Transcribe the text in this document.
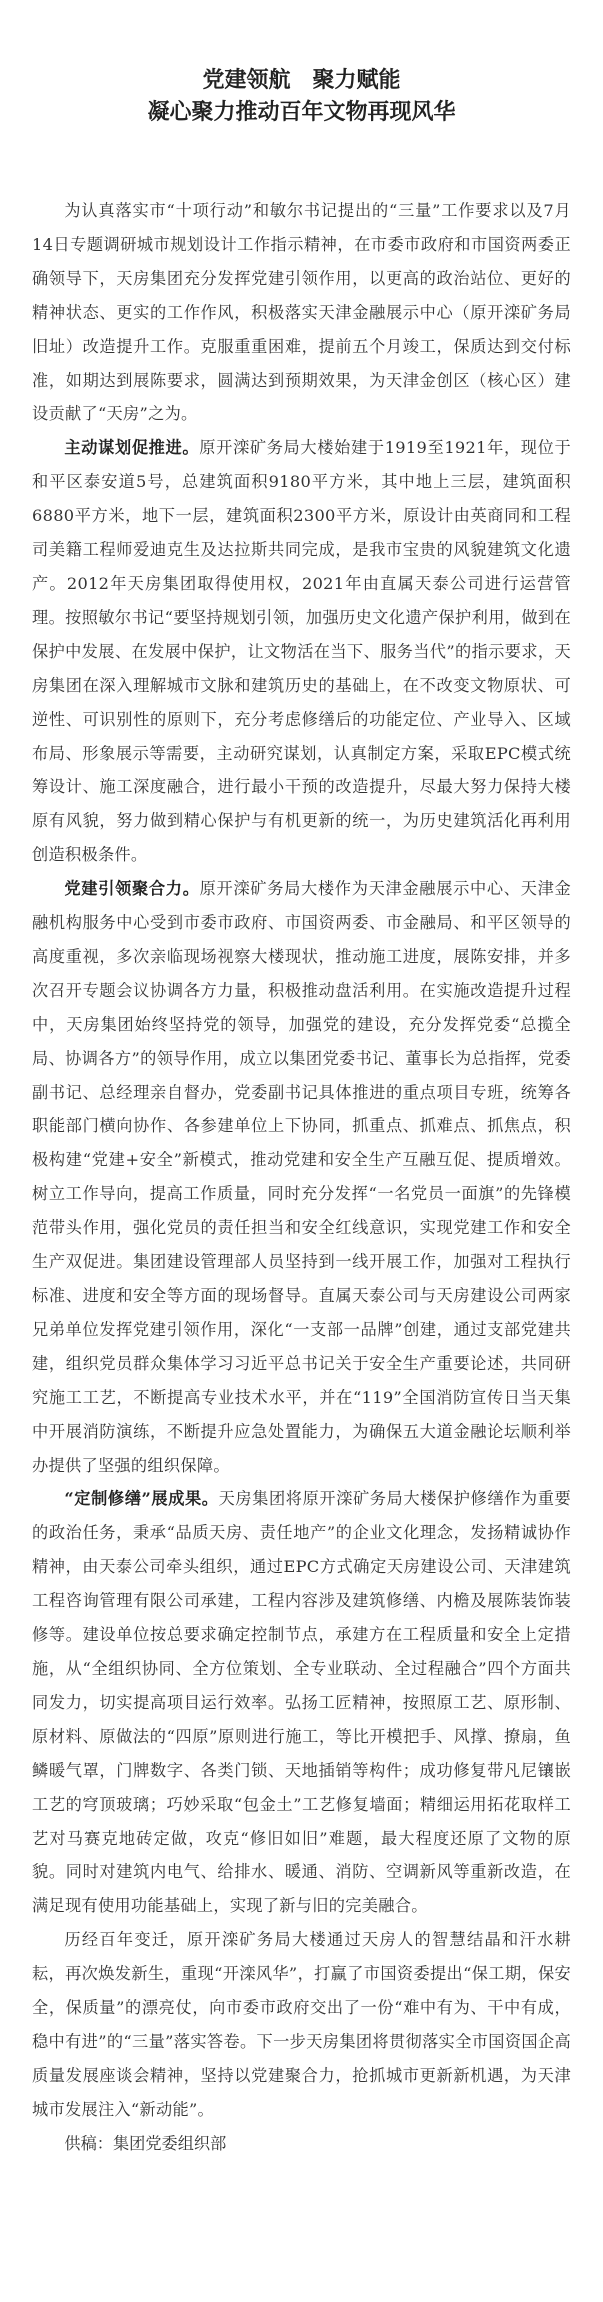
党建领航　聚力赋能
凝心聚力推动百年文物再现风华

为认真落实市“十项行动”和敏尔书记提出的“三量”工作要求以及7月14日专题调研城市规划设计工作指示精神，在市委市政府和市国资两委正确领导下，天房集团充分发挥党建引领作用，以更高的政治站位、更好的精神状态、更实的工作作风，积极落实天津金融展示中心（原开滦矿务局旧址）改造提升工作。克服重重困难，提前五个月竣工，保质达到交付标准，如期达到展陈要求，圆满达到预期效果，为天津金创区（核心区）建设贡献了“天房”之为。

主动谋划促推进。原开滦矿务局大楼始建于1919至1921年，现位于和平区泰安道5号，总建筑面积9180平方米，其中地上三层，建筑面积6880平方米，地下一层，建筑面积2300平方米，原设计由英商同和工程司美籍工程师爱迪克生及达拉斯共同完成，是我市宝贵的风貌建筑文化遗产。2012年天房集团取得使用权，2021年由直属天泰公司进行运营管理。按照敏尔书记“要坚持规划引领，加强历史文化遗产保护利用，做到在保护中发展、在发展中保护，让文物活在当下、服务当代”的指示要求，天房集团在深入理解城市文脉和建筑历史的基础上，在不改变文物原状、可逆性、可识别性的原则下，充分考虑修缮后的功能定位、产业导入、区域布局、形象展示等需要，主动研究谋划，认真制定方案，采取EPC模式统筹设计、施工深度融合，进行最小干预的改造提升，尽最大努力保持大楼原有风貌，努力做到精心保护与有机更新的统一，为历史建筑活化再利用创造积极条件。

党建引领聚合力。原开滦矿务局大楼作为天津金融展示中心、天津金融机构服务中心受到市委市政府、市国资两委、市金融局、和平区领导的高度重视，多次亲临现场视察大楼现状，推动施工进度，展陈安排，并多次召开专题会议协调各方力量，积极推动盘活利用。在实施改造提升过程中，天房集团始终坚持党的领导，加强党的建设，充分发挥党委“总揽全局、协调各方”的领导作用，成立以集团党委书记、董事长为总指挥，党委副书记、总经理亲自督办，党委副书记具体推进的重点项目专班，统筹各职能部门横向协作、各参建单位上下协同，抓重点、抓难点、抓焦点，积极构建“党建+安全”新模式，推动党建和安全生产互融互促、提质增效。树立工作导向，提高工作质量，同时充分发挥“一名党员一面旗”的先锋模范带头作用，强化党员的责任担当和安全红线意识，实现党建工作和安全生产双促进。集团建设管理部人员坚持到一线开展工作，加强对工程执行标准、进度和安全等方面的现场督导。直属天泰公司与天房建设公司两家兄弟单位发挥党建引领作用，深化“一支部一品牌”创建，通过支部党建共建，组织党员群众集体学习习近平总书记关于安全生产重要论述，共同研究施工工艺，不断提高专业技术水平，并在“119”全国消防宣传日当天集中开展消防演练，不断提升应急处置能力，为确保五大道金融论坛顺利举办提供了坚强的组织保障。

“定制修缮”展成果。天房集团将原开滦矿务局大楼保护修缮作为重要的政治任务，秉承“品质天房、责任地产”的企业文化理念，发扬精诚协作精神，由天泰公司牵头组织，通过EPC方式确定天房建设公司、天津建筑工程咨询管理有限公司承建，工程内容涉及建筑修缮、内檐及展陈装饰装修等。建设单位按总要求确定控制节点，承建方在工程质量和安全上定措施，从“全组织协同、全方位策划、全专业联动、全过程融合”四个方面共同发力，切实提高项目运行效率。弘扬工匠精神，按照原工艺、原形制、原材料、原做法的“四原”原则进行施工，等比开模把手、风撑、撩扇，鱼鳞暖气罩，门牌数字、各类门锁、天地插销等构件；成功修复带凡尼镶嵌工艺的穹顶玻璃；巧妙采取“包金土”工艺修复墙面；精细运用拓花取样工艺对马赛克地砖定做，攻克“修旧如旧”难题，最大程度还原了文物的原貌。同时对建筑内电气、给排水、暖通、消防、空调新风等重新改造，在满足现有使用功能基础上，实现了新与旧的完美融合。

历经百年变迁，原开滦矿务局大楼通过天房人的智慧结晶和汗水耕耘，再次焕发新生，重现“开滦风华”，打赢了市国资委提出“保工期，保安全，保质量”的漂亮仗，向市委市政府交出了一份“难中有为、干中有成，稳中有进”的“三量”落实答卷。下一步天房集团将贯彻落实全市国资国企高质量发展座谈会精神，坚持以党建聚合力，抢抓城市更新新机遇，为天津城市发展注入“新动能”。

供稿：集团党委组织部
